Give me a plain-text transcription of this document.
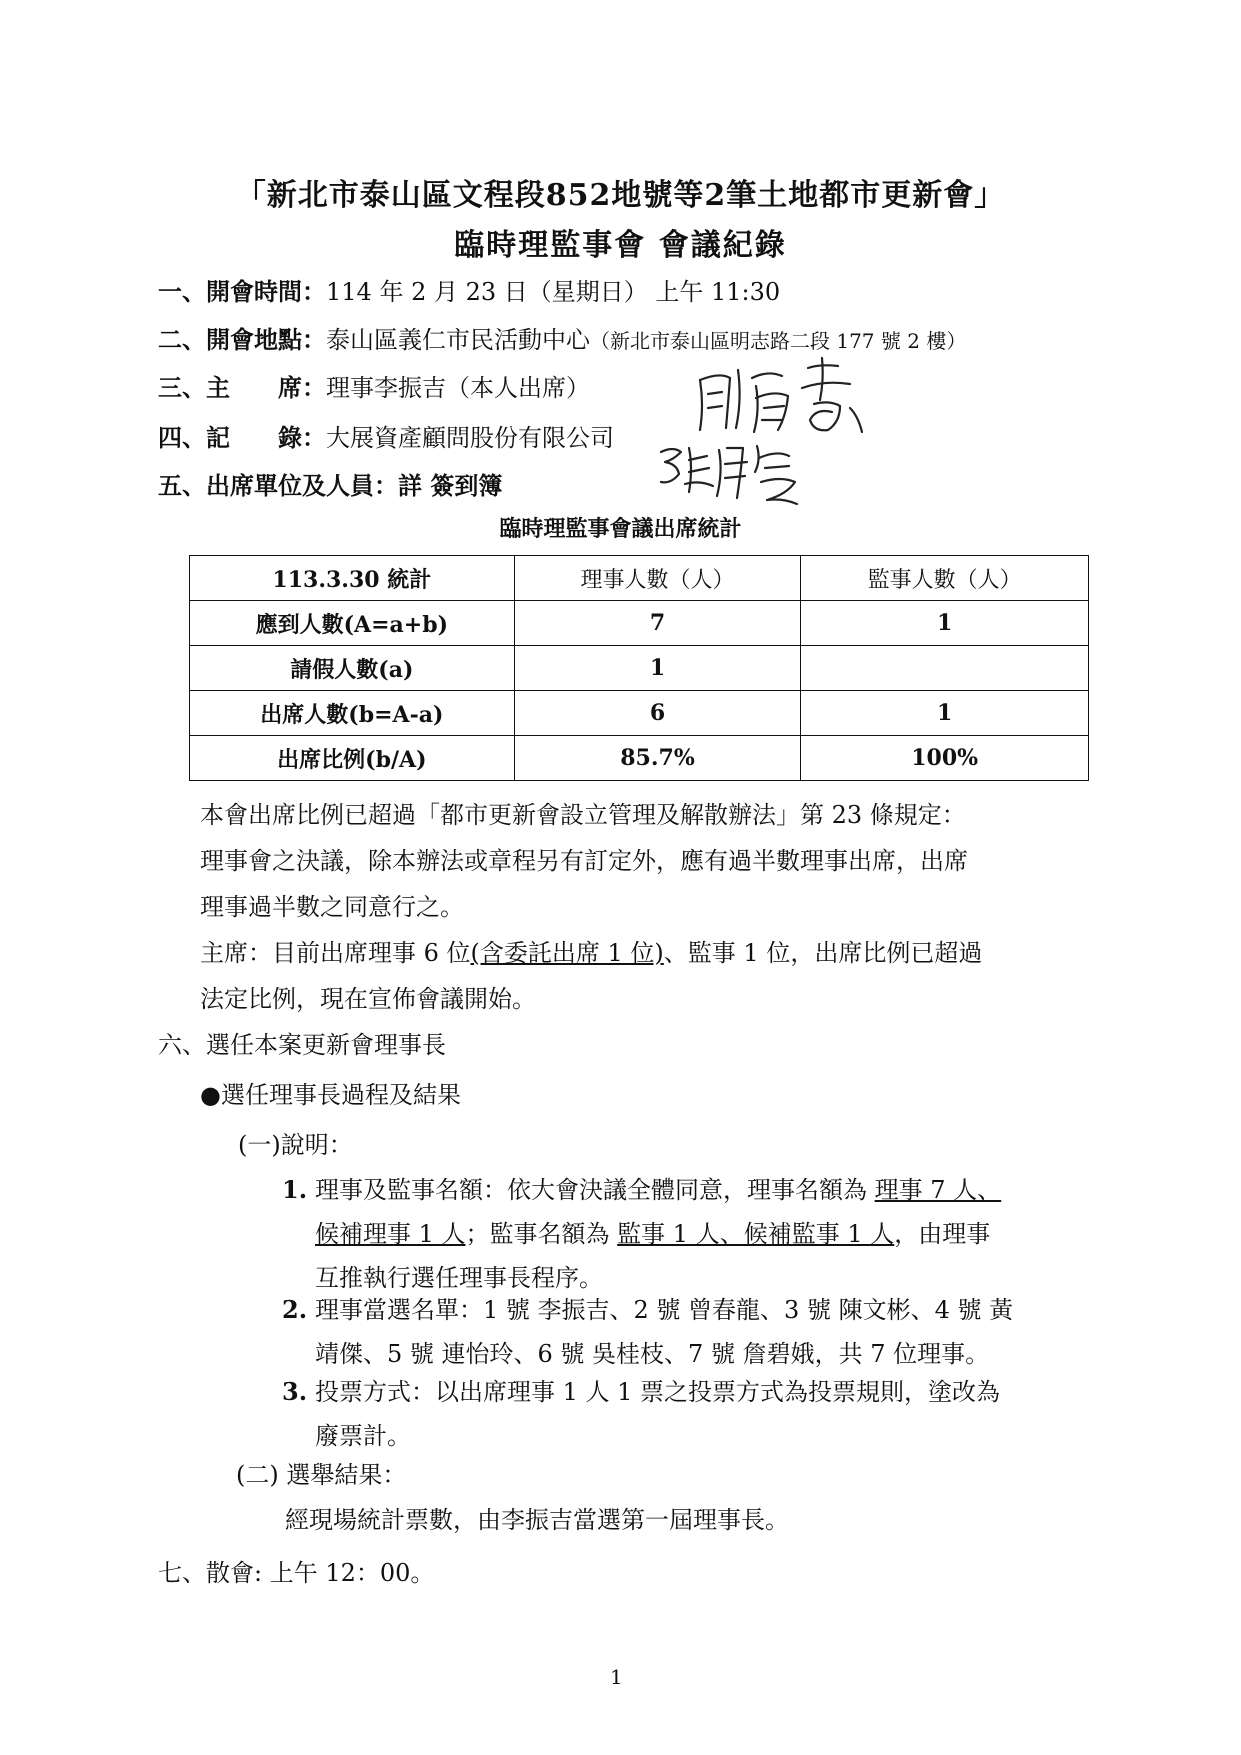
「新北市泰山區文程段852地號等2筆土地都市更新會」
臨時理監事會 會議紀錄
一、開會時間：114 年 2 月 23 日（星期日） 上午 11:30
二、開會地點：泰山區義仁市民活動中心（新北市泰山區明志路二段 177 號 2 樓）
三、主　　席：理事李振吉（本人出席）
四、記　　錄：大展資產顧問股份有限公司
五、出席單位及人員：詳 簽到簿
臨時理監事會議出席統計
113.3.30 統計	理事人數（人）	監事人數（人）
應到人數(A=a+b)	7	1
請假人數(a)	1	
出席人數(b=A-a)	6	1
出席比例(b/A)	85.7%	100%
本會出席比例已超過「都市更新會設立管理及解散辦法」第 23 條規定：
理事會之決議，除本辦法或章程另有訂定外，應有過半數理事出席，出席
理事過半數之同意行之。
主席：目前出席理事 6 位(含委託出席 1 位)、監事 1 位，出席比例已超過
法定比例，現在宣佈會議開始。
六、選任本案更新會理事長
●選任理事長過程及結果
(一)說明：
1. 理事及監事名額：依大會決議全體同意，理事名額為 理事 7 人、
候補理事 1 人；監事名額為 監事 1 人、候補監事 1 人，由理事
互推執行選任理事長程序。
2. 理事當選名單：1 號 李振吉、2 號 曾春龍、3 號 陳文彬、4 號 黃
靖傑、5 號 連怡玲、6 號 吳桂枝、7 號 詹碧娥，共 7 位理事。
3. 投票方式：以出席理事 1 人 1 票之投票方式為投票規則，塗改為
廢票計。
(二) 選舉結果：
經現場統計票數，由李振吉當選第一屆理事長。
七、散會: 上午 12：00。
1
